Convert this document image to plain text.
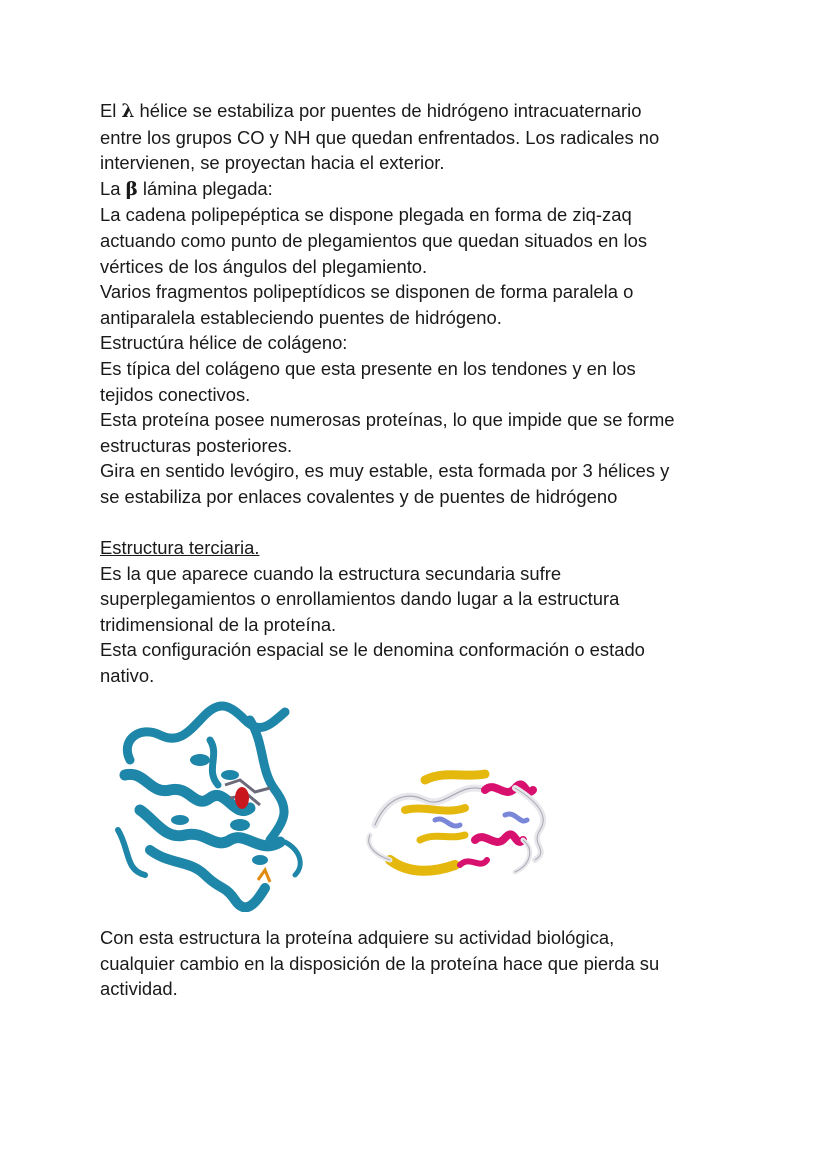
El λ hélice se estabiliza por puentes de hidrógeno intracuaternario

entre los grupos CO y NH que quedan enfrentados. Los radicales no

intervienen, se proyectan hacia el exterior.

La β lámina plegada:

La cadena polipepéptica se dispone plegada en forma de ziq-zaq

actuando como punto de plegamientos que quedan situados en los

vértices de los ángulos del plegamiento.

Varios fragmentos polipeptídicos se disponen de forma paralela o

antiparalela estableciendo puentes de hidrógeno.

Estructúra hélice de colágeno:

Es típica del colágeno que esta presente en los tendones y en los

tejidos conectivos.

Esta proteína posee numerosas proteínas, lo que impide que se forme

estructuras posteriores.

Gira en sentido levógiro, es muy estable, esta formada por 3 hélices y

se estabiliza por enlaces covalentes y de puentes de hidrógeno

Estructura terciaria.

Es la que aparece cuando la estructura secundaria sufre

superplegamientos o enrollamientos dando lugar a la estructura

tridimensional de la proteína.

Esta configuración espacial se le denomina conformación o estado

nativo.

Con esta estructura la proteína adquiere su actividad biológica,

cualquier cambio en la disposición de la proteína hace que pierda su

actividad.
